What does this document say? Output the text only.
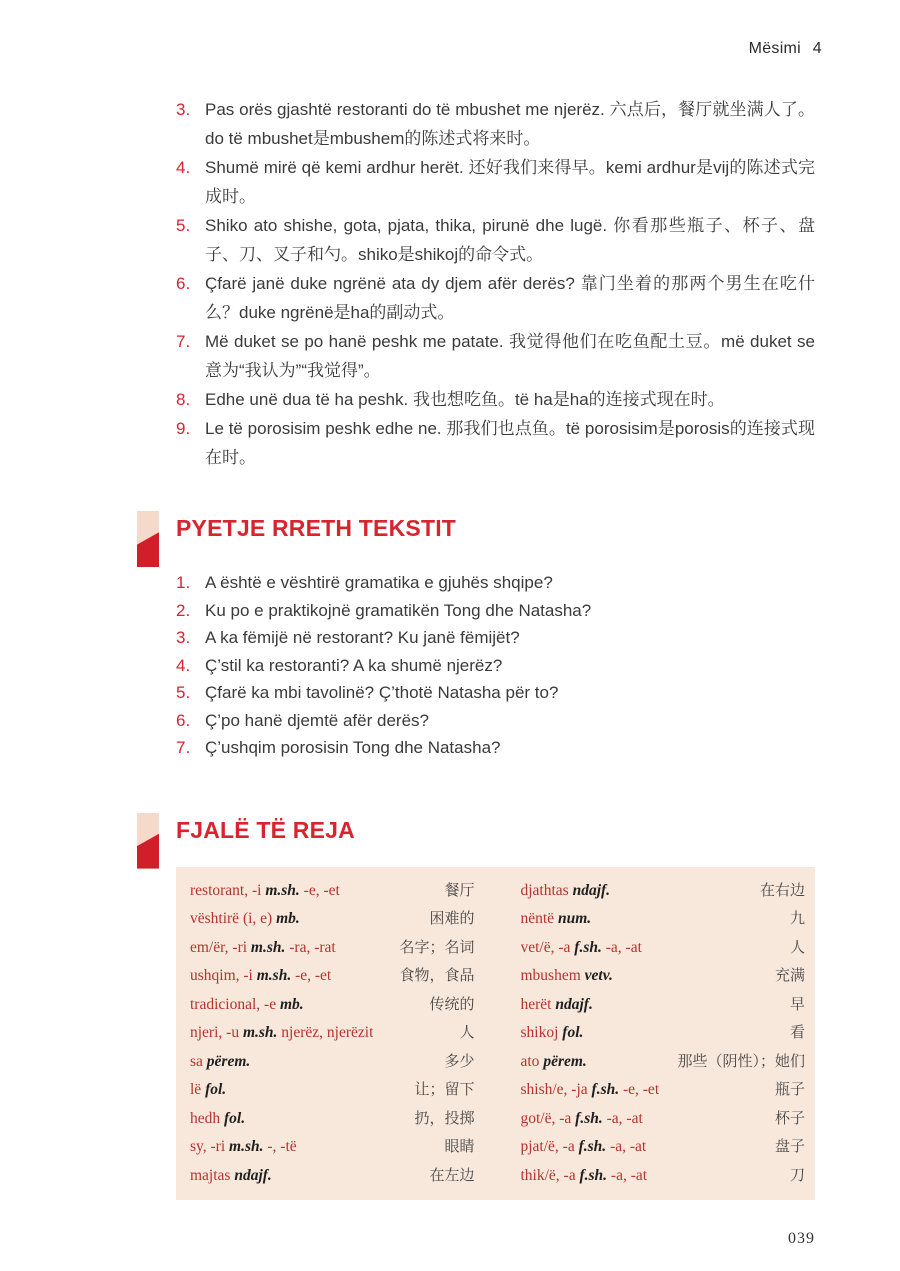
Mësimi 4
3. Pas orës gjashtë restoranti do të mbushet me njerëz. 六点后，餐厅就坐满人了。do të mbushet是mbushem的陈述式将来时。
4. Shumë mirë që kemi ardhur herët. 还好我们来得早。kemi ardhur是vij的陈述式完成时。
5. Shiko ato shishe, gota, pjata, thika, pirunë dhe lugë. 你看那些瓶子、杯子、盘子、刀、叉子和勺。shiko是shikoj的命令式。
6. Çfarë janë duke ngrënë ata dy djem afër derës? 靠门坐着的那两个男生在吃什么？duke ngrënë是ha的副动式。
7. Më duket se po hanë peshk me patate. 我觉得他们在吃鱼配土豆。më duket se意为“我认为”“我觉得”。
8. Edhe unë dua të ha peshk. 我也想吃鱼。të ha是ha的连接式现在时。
9. Le të porosisim peshk edhe ne. 那我们也点鱼。të porosisim是porosis的连接式现在时。
PYETJE RRETH TEKSTIT
1. A është e vështirë gramatika e gjuhës shqipe?
2. Ku po e praktikojnë gramatikën Tong dhe Natasha?
3. A ka fëmijë në restorant? Ku janë fëmijët?
4. Ç’stil ka restoranti? A ka shumë njerëz?
5. Çfarë ka mbi tavolinë? Ç’thotë Natasha për to?
6. Ç’po hanë djemtë afër derës?
7. Ç’ushqim porosisin Tong dhe Natasha?
FJALË TË REJA
restorant, -i m.sh. -e, -et	餐厅
vështirë (i, e) mb.	困难的
em/ër, -ri m.sh. -ra, -rat	名字；名词
ushqim, -i m.sh. -e, -et	食物，食品
tradicional, -e mb.	传统的
njeri, -u m.sh. njerëz, njerëzit	人
sa përem.	多少
lë fol.	让；留下
hedh fol.	扔，投掷
sy, -ri m.sh. -, -të	眼睛
majtas ndajf.	在左边
djathtas ndajf.	在右边
nëntë num.	九
vet/ë, -a f.sh. -a, -at	人
mbushem vetv.	充满
herët ndajf.	早
shikoj fol.	看
ato përem.	那些（阴性）；她们
shish/e, -ja f.sh. -e, -et	瓶子
got/ë, -a f.sh. -a, -at	杯子
pjat/ë, -a f.sh. -a, -at	盘子
thik/ë, -a f.sh. -a, -at	刀
039
